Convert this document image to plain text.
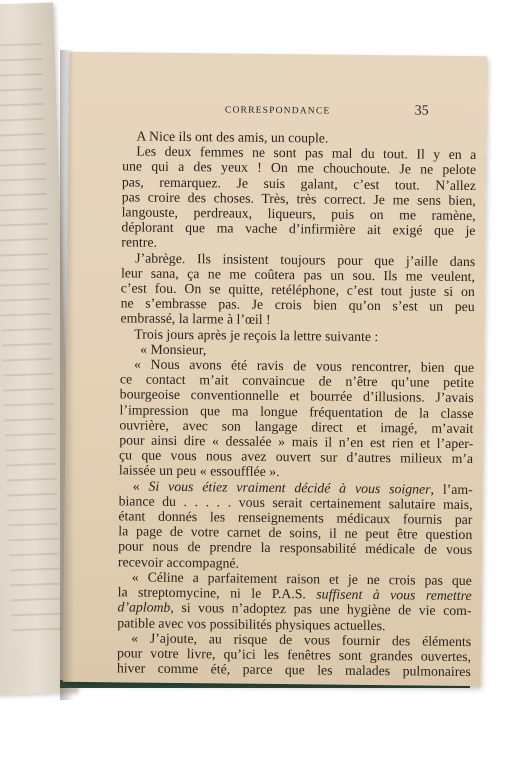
CORRESPONDANCE	35
A Nice ils ont des amis, un couple.
Les deux femmes ne sont pas mal du tout. Il y en a
une qui a des yeux ! On me chouchoute. Je ne pelote
pas, remarquez. Je suis galant, c’est tout. N’allez
pas croire des choses. Très, très correct. Je me sens bien,
langouste, perdreaux, liqueurs, puis on me ramène,
déplorant que ma vache d’infirmière ait exigé que je
rentre.
J’abrège. Ils insistent toujours pour que j’aille dans
leur sana, ça ne me coûtera pas un sou. Ils me veulent,
c’est fou. On se quitte, retéléphone, c’est tout juste si on
ne s’embrasse pas. Je crois bien qu’on s’est un peu
embrassé, la larme à l’œil !
Trois jours après je reçois la lettre suivante :
« Monsieur,
« Nous avons été ravis de vous rencontrer, bien que
ce contact m’ait convaincue de n’être qu’une petite
bourgeoise conventionnelle et bourrée d’illusions. J’avais
l’impression que ma longue fréquentation de la classe
ouvrière, avec son langage direct et imagé, m’avait
pour ainsi dire « dessalée » mais il n’en est rien et l’aper-
çu que vous nous avez ouvert sur d’autres milieux m’a
laissée un peu « essoufflée ».
« Si vous étiez vraiment décidé à vous soigner, l’am-
biance du . . . . . vous serait certainement salutaire mais,
étant donnés les renseignements médicaux fournis par
la page de votre carnet de soins, il ne peut être question
pour nous de prendre la responsabilité médicale de vous
recevoir accompagné.
« Céline a parfaitement raison et je ne crois pas que
la streptomycine, ni le P.A.S. suffisent à vous remettre
d’aplomb, si vous n’adoptez pas une hygiène de vie com-
patible avec vos possibilités physiques actuelles.
« J’ajoute, au risque de vous fournir des éléments
pour votre livre, qu’ici les fenêtres sont grandes ouvertes,
hiver comme été, parce que les malades pulmonaires
